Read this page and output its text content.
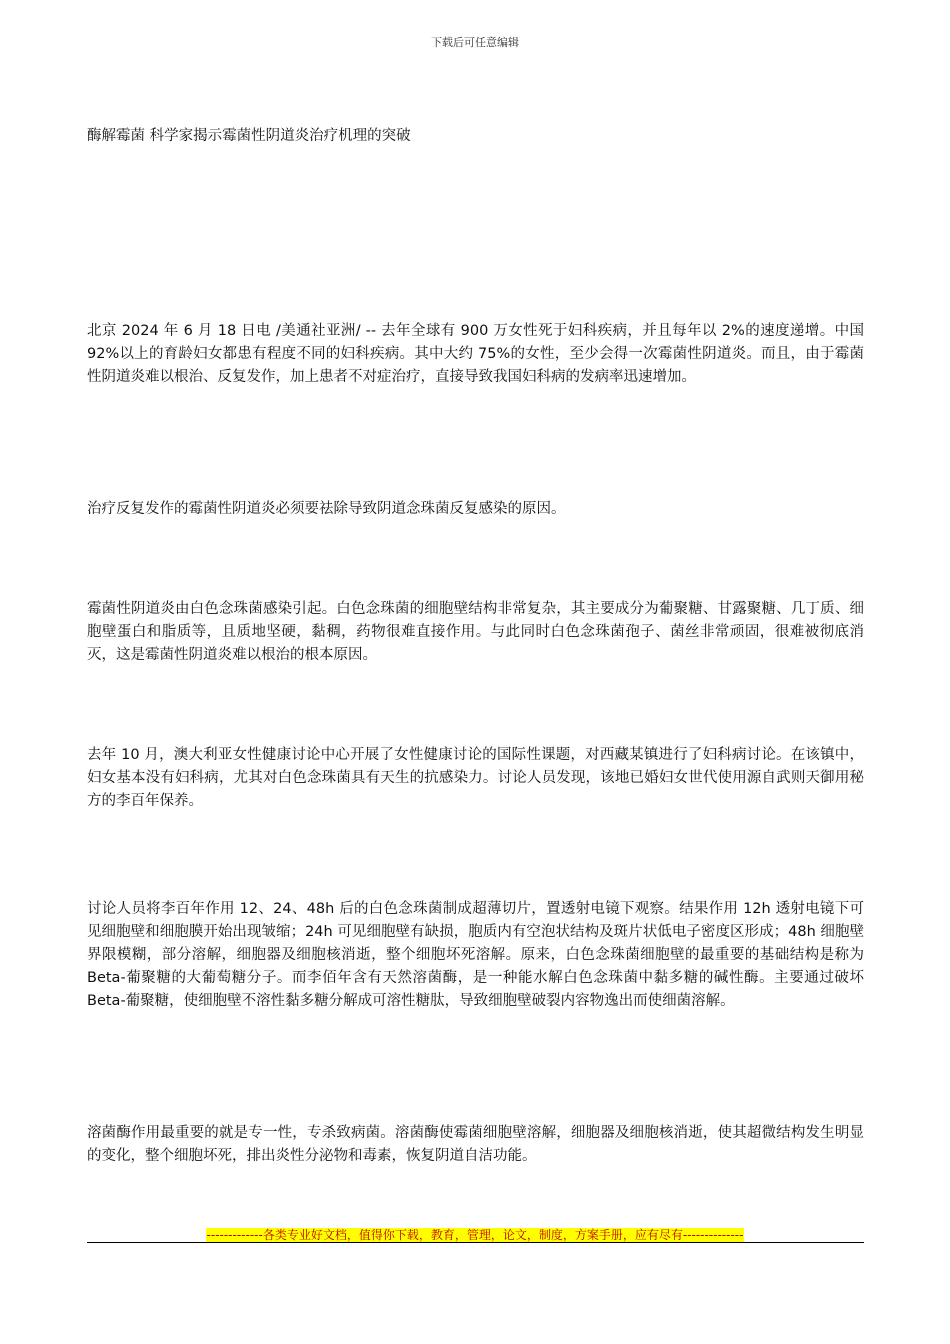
下载后可任意编辑
酶解霉菌 科学家揭示霉菌性阴道炎治疗机理的突破

北京 2024 年 6 月 18 日电 /美通社亚洲/ -- 去年全球有 900 万女性死于妇科疾病，并且每年以 2%的速度递增。中国 92%以上的育龄妇女都患有程度不同的妇科疾病。其中大约 75%的女性，至少会得一次霉菌性阴道炎。而且，由于霉菌性阴道炎难以根治、反复发作，加上患者不对症治疗，直接导致我国妇科病的发病率迅速增加。

治疗反复发作的霉菌性阴道炎必须要祛除导致阴道念珠菌反复感染的原因。

霉菌性阴道炎由白色念珠菌感染引起。白色念珠菌的细胞壁结构非常复杂，其主要成分为葡聚糖、甘露聚糖、几丁质、细胞壁蛋白和脂质等，且质地坚硬，黏稠，药物很难直接作用。与此同时白色念珠菌孢子、菌丝非常顽固，很难被彻底消灭，这是霉菌性阴道炎难以根治的根本原因。

去年 10 月，澳大利亚女性健康讨论中心开展了女性健康讨论的国际性课题，对西藏某镇进行了妇科病讨论。在该镇中，妇女基本没有妇科病，尤其对白色念珠菌具有天生的抗感染力。讨论人员发现，该地已婚妇女世代使用源自武则天御用秘方的李百年保养。

讨论人员将李百年作用 12、24、48h 后的白色念珠菌制成超薄切片，置透射电镜下观察。结果作用 12h 透射电镜下可见细胞壁和细胞膜开始出现皱缩；24h 可见细胞壁有缺损，胞质内有空泡状结构及斑片状低电子密度区形成；48h 细胞壁界限模糊，部分溶解，细胞器及细胞核消逝，整个细胞坏死溶解。原来，白色念珠菌细胞壁的最重要的基础结构是称为 Beta-葡聚糖的大葡萄糖分子。而李佰年含有天然溶菌酶，是一种能水解白色念珠菌中黏多糖的碱性酶。主要通过破坏 Beta-葡聚糖，使细胞壁不溶性黏多糖分解成可溶性糖肽，导致细胞壁破裂内容物逸出而使细菌溶解。

溶菌酶作用最重要的就是专一性，专杀致病菌。溶菌酶使霉菌细胞壁溶解，细胞器及细胞核消逝，使其超微结构发生明显的变化，整个细胞坏死，排出炎性分泌物和毒素，恢复阴道自洁功能。

-------------各类专业好文档，值得你下载，教育，管理，论文，制度，方案手册，应有尽有--------------
